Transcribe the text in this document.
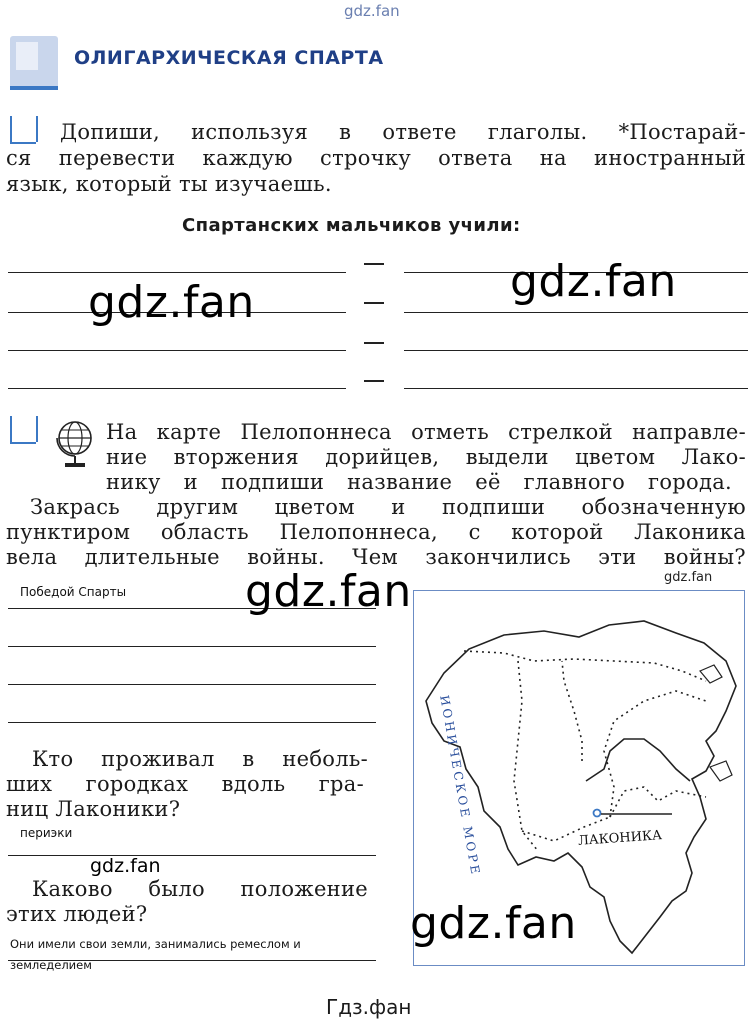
gdz.fan
ОЛИГАРХИЧЕСКАЯ СПАРТА
Допиши, используя в ответе глаголы. *Постарай-
ся перевести каждую строчку ответа на иностранный
язык, который ты изучаешь.
Спартанских мальчиков учили:
gdz.fan	gdz.fan
На карте Пелопоннеса отметь стрелкой направле-
ние вторжения дорийцев, выдели цветом Лако-
нику и подпиши название её главного города.
Закрась другим цветом и подпиши обозначенную
пунктиром область Пелопоннеса, с которой Лаконика
вела длительные войны. Чем закончились эти войны?
gdz.fan
Победой Спарты	gdz.fan
ЛАКОНИКА
ИОНИЧЕСКОЕ МОРЕ
Кто проживал в неболь-
ших городках вдоль гра-
ниц Лаконики?
периэки
gdz.fan
Каково было положение
этих людей?
Они имели свои земли, занимались ремеслом и
земледелием
gdz.fan
Гдз.фан
